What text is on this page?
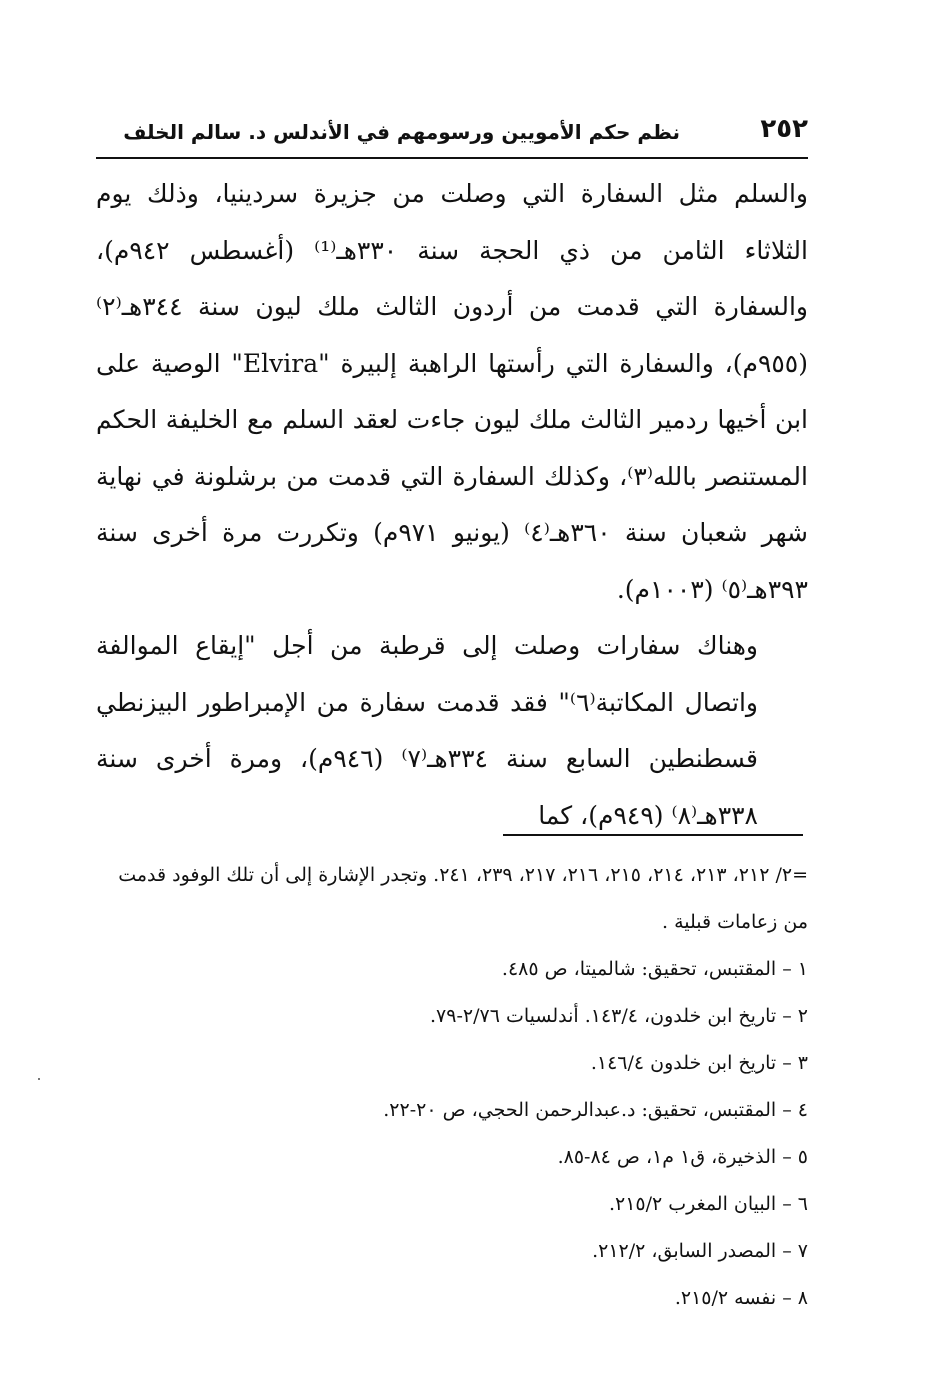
٢٥٢
نظم حكم الأمويين ورسومهم في الأندلس د. سالم الخلف

والسلم مثل السفارة التي وصلت من جزيرة سردينيا، وذلك يوم الثلاثاء الثامن من ذي الحجة سنة ٣٣٠هـ⁽¹⁾ (أغسطس ٩٤٢م)، والسفارة التي قدمت من أردون الثالث ملك ليون سنة ٣٤٤هـ⁽٢⁾ (٩٥٥م)، والسفارة التي رأستها الراهبة إلبيرة "Elvira" الوصية على ابن أخيها ردمير الثالث ملك ليون جاءت لعقد السلم مع الخليفة الحكم المستنصر بالله⁽٣⁾، وكذلك السفارة التي قدمت من برشلونة في نهاية شهر شعبان سنة ٣٦٠هـ⁽٤⁾ (يونيو ٩٧١م) وتكررت مرة أخرى سنة ٣٩٣هـ⁽٥⁾ (١٠٠٣م).

وهناك سفارات وصلت إلى قرطبة من أجل "إيقاع الموالفة واتصال المكاتبة⁽٦⁾" فقد قدمت سفارة من الإمبراطور البيزنطي قسطنطين السابع سنة ٣٣٤هـ⁽٧⁾ (٩٤٦م)، ومرة أخرى سنة ٣٣٨هـ⁽٨⁾ (٩٤٩م)، كما

=٢/ ٢١٢، ٢١٣، ٢١٤، ٢١٥، ٢١٦، ٢١٧، ٢٣٩، ٢٤١. وتجدر الإشارة إلى أن تلك الوفود قدمت من زعامات قبلية .
١ – المقتبس، تحقيق: شالميتا، ص ٤٨٥.
٢ – تاريخ ابن خلدون، ١٤٣/٤. أندلسيات ٢/٧٦-٧٩.
٣ – تاريخ ابن خلدون ١٤٦/٤.
٤ – المقتبس، تحقيق: د.عبدالرحمن الحجي، ص ٢٠-٢٢.
٥ – الذخيرة، ق١ م١، ص ٨٤-٨٥.
٦ – البيان المغرب ٢١٥/٢.
٧ – المصدر السابق، ٢١٢/٢.
٨ – نفسه ٢١٥/٢.
